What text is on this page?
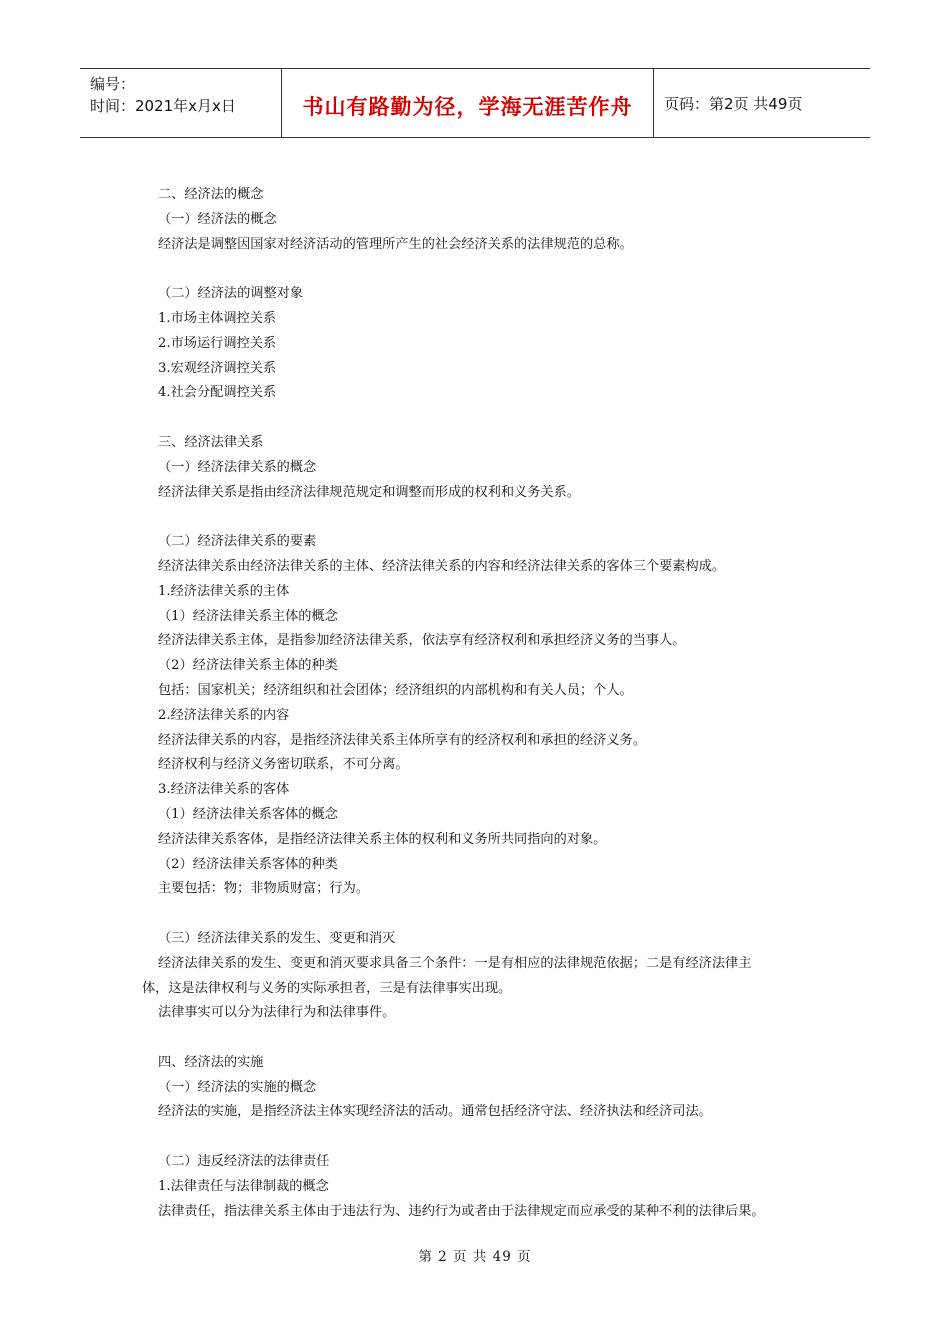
编号：
时间：2021年x月x日	书山有路勤为径，学海无涯苦作舟	页码：第2页 共49页
二、经济法的概念
（一）经济法的概念
经济法是调整因国家对经济活动的管理所产生的社会经济关系的法律规范的总称。
（二）经济法的调整对象
1.市场主体调控关系
2.市场运行调控关系
3.宏观经济调控关系
4.社会分配调控关系
三、经济法律关系
（一）经济法律关系的概念
经济法律关系是指由经济法律规范规定和调整而形成的权利和义务关系。
（二）经济法律关系的要素
经济法律关系由经济法律关系的主体、经济法律关系的内容和经济法律关系的客体三个要素构成。
1.经济法律关系的主体
（1）经济法律关系主体的概念
经济法律关系主体，是指参加经济法律关系，依法享有经济权利和承担经济义务的当事人。
（2）经济法律关系主体的种类
包括：国家机关；经济组织和社会团体；经济组织的内部机构和有关人员；个人。
2.经济法律关系的内容
经济法律关系的内容，是指经济法律关系主体所享有的经济权利和承担的经济义务。
经济权利与经济义务密切联系，不可分离。
3.经济法律关系的客体
（1）经济法律关系客体的概念
经济法律关系客体，是指经济法律关系主体的权利和义务所共同指向的对象。
（2）经济法律关系客体的种类
主要包括：物；非物质财富；行为。
（三）经济法律关系的发生、变更和消灭
经济法律关系的发生、变更和消灭要求具备三个条件：一是有相应的法律规范依据；二是有经济法律主
体，这是法律权利与义务的实际承担者，三是有法律事实出现。
法律事实可以分为法律行为和法律事件。
四、经济法的实施
（一）经济法的实施的概念
经济法的实施，是指经济法主体实现经济法的活动。通常包括经济守法、经济执法和经济司法。
（二）违反经济法的法律责任
1.法律责任与法律制裁的概念
法律责任，指法律关系主体由于违法行为、违约行为或者由于法律规定而应承受的某种不利的法律后果。
第 2 页 共 49 页
